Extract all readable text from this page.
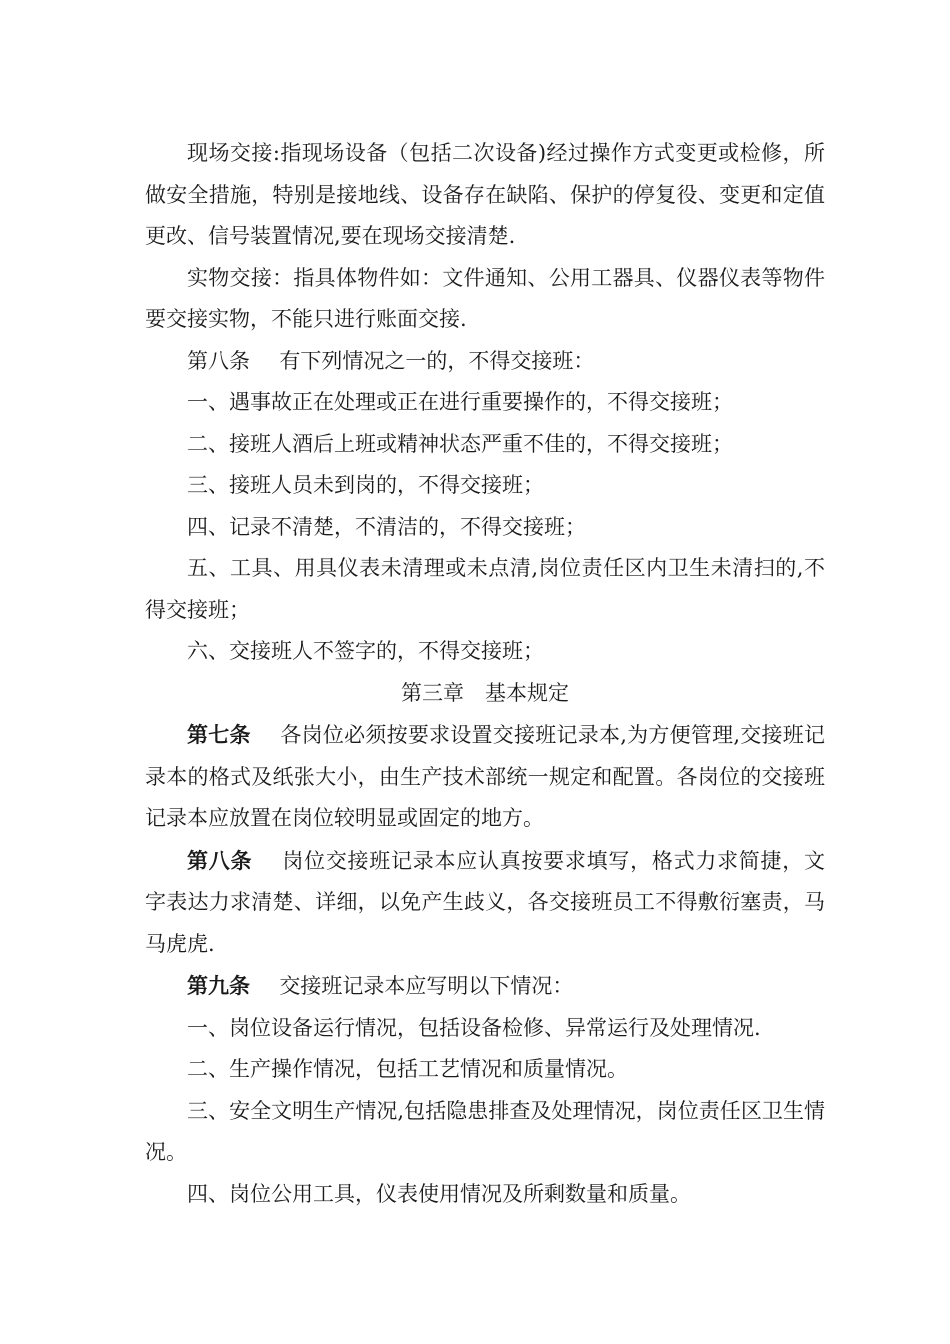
现场交接:指现场设备（包括二次设备)经过操作方式变更或检修，所做安全措施，特别是接地线、设备存在缺陷、保护的停复役、变更和定值更改、信号装置情况,要在现场交接清楚.

实物交接：指具体物件如：文件通知、公用工器具、仪器仪表等物件要交接实物，不能只进行账面交接.

第八条 有下列情况之一的，不得交接班：

一、遇事故正在处理或正在进行重要操作的，不得交接班；

二、接班人酒后上班或精神状态严重不佳的，不得交接班；

三、接班人员未到岗的，不得交接班；

四、记录不清楚，不清洁的，不得交接班；

五、工具、用具仪表未清理或未点清,岗位责任区内卫生未清扫的,不得交接班；

六、交接班人不签字的，不得交接班；

第三章　基本规定

第七条 各岗位必须按要求设置交接班记录本,为方便管理,交接班记录本的格式及纸张大小，由生产技术部统一规定和配置。各岗位的交接班记录本应放置在岗位较明显或固定的地方。

第八条 岗位交接班记录本应认真按要求填写，格式力求简捷，文字表达力求清楚、详细，以免产生歧义，各交接班员工不得敷衍塞责，马马虎虎.

第九条 交接班记录本应写明以下情况：

一、岗位设备运行情况，包括设备检修、异常运行及处理情况.

二、生产操作情况，包括工艺情况和质量情况。

三、安全文明生产情况,包括隐患排查及处理情况，岗位责任区卫生情况。

四、岗位公用工具，仪表使用情况及所剩数量和质量。
